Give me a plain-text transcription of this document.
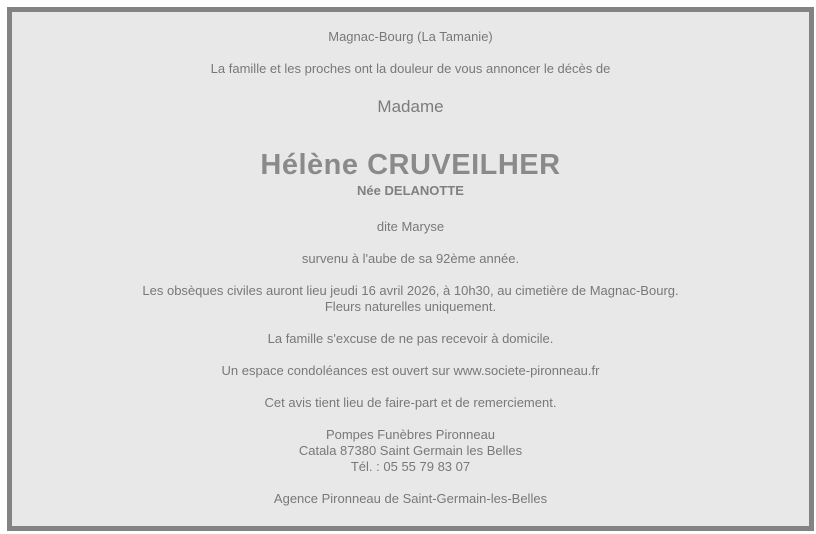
Magnac-Bourg (La Tamanie)
La famille et les proches ont la douleur de vous annoncer le décès de
Madame
Hélène CRUVEILHER
Née DELANOTTE
dite Maryse
survenu à l'aube de sa 92ème année.
Les obsèques civiles auront lieu jeudi 16 avril 2026, à 10h30, au cimetière de Magnac-Bourg.
Fleurs naturelles uniquement.
La famille s'excuse de ne pas recevoir à domicile.
Un espace condoléances est ouvert sur www.societe-pironneau.fr
Cet avis tient lieu de faire-part et de remerciement.
Pompes Funèbres Pironneau
Catala 87380 Saint Germain les Belles
Tél. : 05 55 79 83 07
Agence Pironneau de Saint-Germain-les-Belles
